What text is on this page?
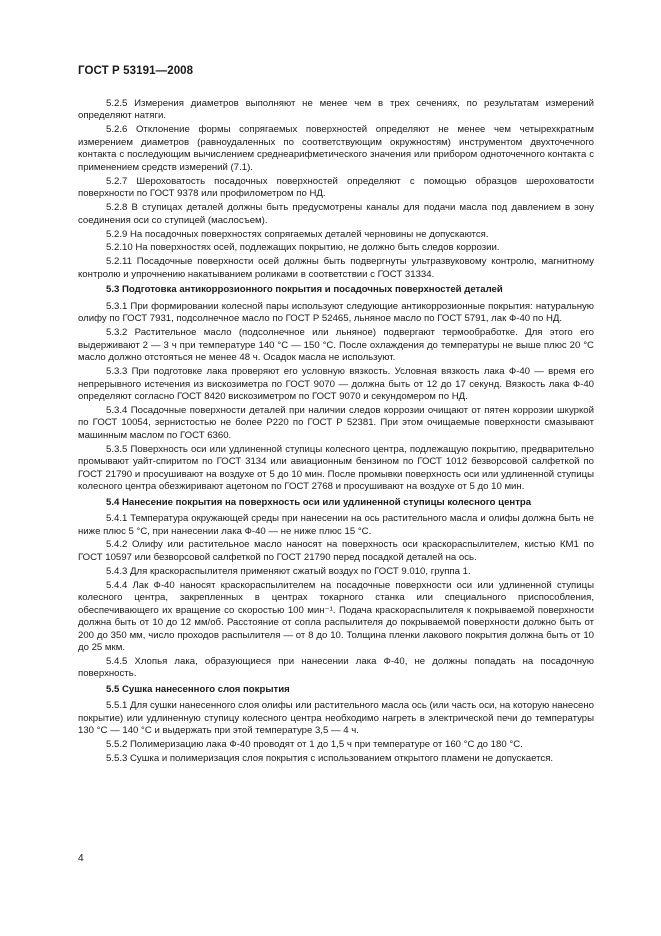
ГОСТ Р 53191—2008
5.2.5 Измерения диаметров выполняют не менее чем в трех сечениях, по результатам измерений определяют натяги.
5.2.6 Отклонение формы сопрягаемых поверхностей определяют не менее чем четырехкратным измерением диаметров (равноудаленных по соответствующим окружностям) инструментом двухточечного контакта с последующим вычислением среднеарифметического значения или прибором одноточечного контакта с применением средств измерений (7.1).
5.2.7 Шероховатость посадочных поверхностей определяют с помощью образцов шероховатости поверхности по ГОСТ 9378 или профилометром по НД.
5.2.8 В ступицах деталей должны быть предусмотрены каналы для подачи масла под давлением в зону соединения оси со ступицей (маслосъем).
5.2.9 На посадочных поверхностях сопрягаемых деталей черновины не допускаются.
5.2.10 На поверхностях осей, подлежащих покрытию, не должно быть следов коррозии.
5.2.11 Посадочные поверхности осей должны быть подвергнуты ультразвуковому контролю, магнитному контролю и упрочнению накатыванием роликами в соответствии с ГОСТ 31334.
5.3 Подготовка антикоррозионного покрытия и посадочных поверхностей деталей
5.3.1 При формировании колесной пары используют следующие антикоррозионные покрытия: натуральную олифу по ГОСТ 7931, подсолнечное масло по ГОСТ Р 52465, льняное масло по ГОСТ 5791, лак Ф-40 по НД.
5.3.2 Растительное масло (подсолнечное или льняное) подвергают термообработке. Для этого его выдерживают 2 — 3 ч при температуре 140 °С — 150 °С. После охлаждения до температуры не выше плюс 20 °С масло должно отстояться не менее 48 ч. Осадок масла не используют.
5.3.3 При подготовке лака проверяют его условную вязкость. Условная вязкость лака Ф-40 — время его непрерывного истечения из вискозиметра по ГОСТ 9070 — должна быть от 12 до 17 секунд. Вязкость лака Ф-40 определяют согласно ГОСТ 8420 вискозиметром по ГОСТ 9070 и секундомером по НД.
5.3.4 Посадочные поверхности деталей при наличии следов коррозии очищают от пятен коррозии шкуркой по ГОСТ 10054, зернистостью не более Р220 по ГОСТ Р 52381. При этом очищаемые поверхности смазывают машинным маслом по ГОСТ 6360.
5.3.5 Поверхность оси или удлиненной ступицы колесного центра, подлежащую покрытию, предварительно промывают уайт-спиритом по ГОСТ 3134 или авиационным бензином по ГОСТ 1012 безворсовой салфеткой по ГОСТ 21790 и просушивают на воздухе от 5 до 10 мин. После промывки поверхность оси или удлиненной ступицы колесного центра обезжиривают ацетоном по ГОСТ 2768 и просушивают на воздухе от 5 до 10 мин.
5.4 Нанесение покрытия на поверхность оси или удлиненной ступицы колесного центра
5.4.1 Температура окружающей среды при нанесении на ось растительного масла и олифы должна быть не ниже плюс 5 °С, при нанесении лака Ф-40 — не ниже плюс 15 °С.
5.4.2 Олифу или растительное масло наносят на поверхность оси краскораспылителем, кистью КМ1 по ГОСТ 10597 или безворсовой салфеткой по ГОСТ 21790 перед посадкой деталей на ось.
5.4.3 Для краскораспылителя применяют сжатый воздух по ГОСТ 9.010, группа 1.
5.4.4 Лак Ф-40 наносят краскораспылителем на посадочные поверхности оси или удлиненной ступицы колесного центра, закрепленных в центрах токарного станка или специального приспособления, обеспечивающего их вращение со скоростью 100 мин⁻¹. Подача краскораспылителя к покрываемой поверхности должна быть от 10 до 12 мм/об. Расстояние от сопла распылителя до покрываемой поверхности должно быть от 200 до 350 мм, число проходов распылителя — от 8 до 10. Толщина пленки лакового покрытия должна быть от 10 до 25 мкм.
5.4.5 Хлопья лака, образующиеся при нанесении лака Ф-40, не должны попадать на посадочную поверхность.
5.5 Сушка нанесенного слоя покрытия
5.5.1 Для сушки нанесенного слоя олифы или растительного масла ось (или часть оси, на которую нанесено покрытие) или удлиненную ступицу колесного центра необходимо нагреть в электрической печи до температуры 130 °С — 140 °С и выдержать при этой температуре 3,5 — 4 ч.
5.5.2 Полимеризацию лака Ф-40 проводят от 1 до 1,5 ч при температуре от 160 °С до 180 °С.
5.5.3 Сушка и полимеризация слоя покрытия с использованием открытого пламени не допускается.
4
